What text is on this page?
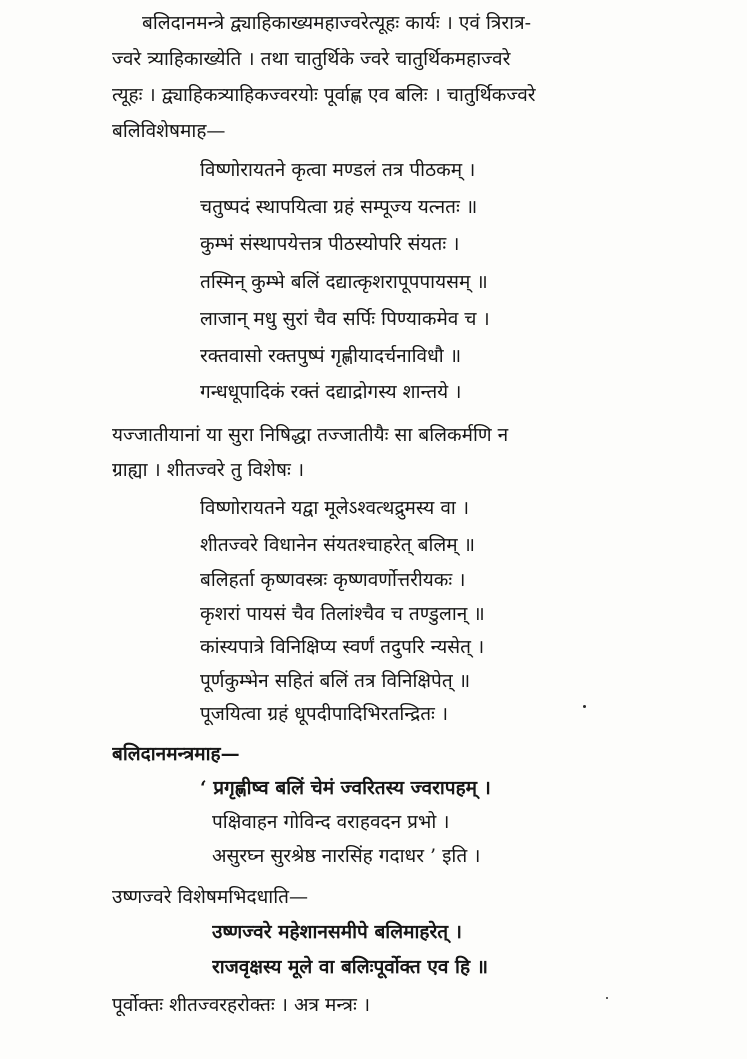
बलिदानमन्त्रे द्व्याहिकाख्यमहाज्वरेत्यूहः कार्यः । एवं त्रिरात्र-
ज्वरे त्र्याहिकाख्येति । तथा चातुर्थिके ज्वरे चातुर्थिकमहाज्वरे
त्यूहः । द्व्याहिकत्र्याहिकज्वरयोः पूर्वाह्ण एव बलिः । चातुर्थिकज्वरे
बलिविशेषमाह—
विष्णोरायतने कृत्वा मण्डलं तत्र पीठकम् ।
चतुष्पदं स्थापयित्वा ग्रहं सम्पूज्य यत्नतः ॥
कुम्भं संस्थापयेत्तत्र पीठस्योपरि संयतः ।
तस्मिन् कुम्भे बलिं दद्यात्कृशरापूपपायसम् ॥
लाजान् मधु सुरां चैव सर्पिः पिण्याकमेव च ।
रक्तवासो रक्तपुष्पं गृह्णीयादर्चनाविधौ ॥
गन्धधूपादिकं रक्तं दद्याद्रोगस्य शान्तये ।
यज्जातीयानां या सुरा निषिद्धा तज्जातीयैः सा बलिकर्मणि न
ग्राह्या । शीतज्वरे तु विशेषः ।
विष्णोरायतने यद्वा मूलेऽश्वत्थद्रुमस्य वा ।
शीतज्वरे विधानेन संयतश्चाहरेत् बलिम् ॥
बलिहर्ता कृष्णवस्त्रः कृष्णवर्णोत्तरीयकः ।
कृशरां पायसं चैव तिलांश्चैव च तण्डुलान् ॥
कांस्यपात्रे विनिक्षिप्य स्वर्णं तदुपरि न्यसेत् ।
पूर्णकुम्भेन सहितं बलिं तत्र विनिक्षिपेत् ॥
पूजयित्वा ग्रहं धूपदीपादिभिरतन्द्रितः ।
बलिदानमन्त्रमाह—
‘ प्रगृह्णीष्व बलिं चेमं ज्वरितस्य ज्वरापहम् ।
पक्षिवाहन गोविन्द वराहवदन प्रभो ।
असुरघ्न सुरश्रेष्ठ नारसिंह गदाधर ’ इति ।
उष्णज्वरे विशेषमभिदधाति—
उष्णज्वरे महेशानसमीपे बलिमाहरेत् ।
राजवृक्षस्य मूले वा बलिःपूर्वोक्त एव हि ॥
पूर्वोक्तः शीतज्वरहरोक्तः । अत्र मन्त्रः ।
